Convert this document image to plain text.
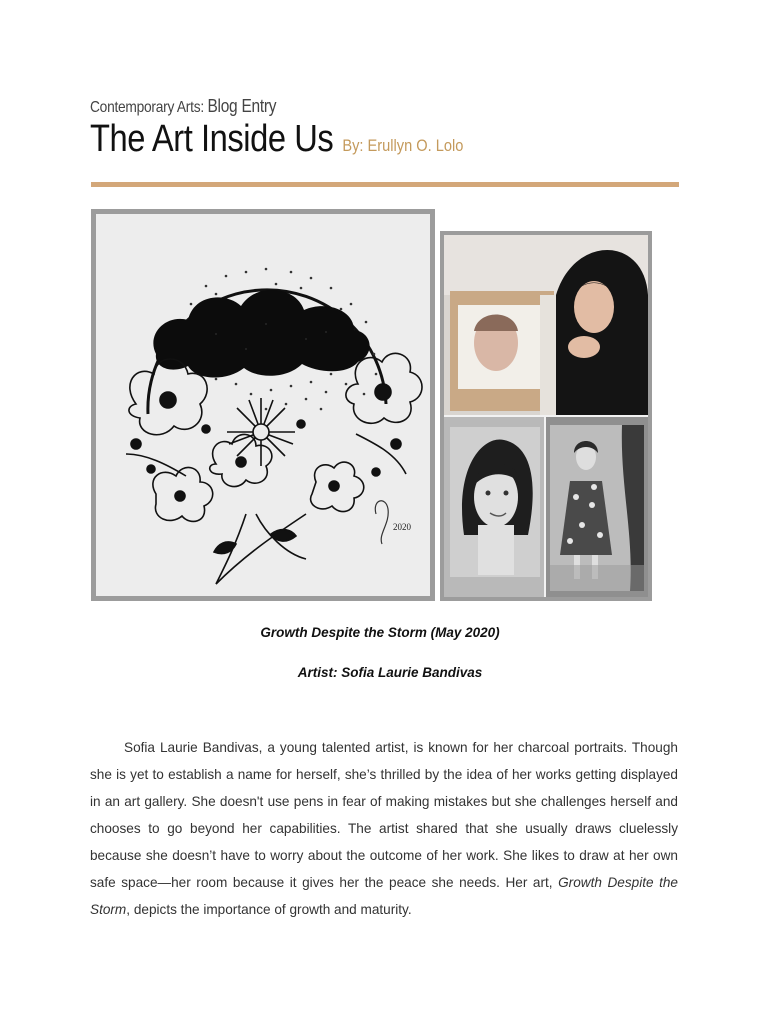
Contemporary Arts: Blog Entry
The Art Inside Us By: Erullyn O. Lolo
2020
Growth Despite the Storm (May 2020)
Artist: Sofia Laurie Bandivas

Sofia Laurie Bandivas, a young talented artist, is known for her charcoal portraits. Though she is yet to establish a name for herself, she’s thrilled by the idea of her works getting displayed in an art gallery. She doesn't use pens in fear of making mistakes but she challenges herself and chooses to go beyond her capabilities. The artist shared that she usually draws cluelessly because she doesn’t have to worry about the outcome of her work. She likes to draw at her own safe space—her room because it gives her the peace she needs. Her art, Growth Despite the Storm, depicts the importance of growth and maturity.
